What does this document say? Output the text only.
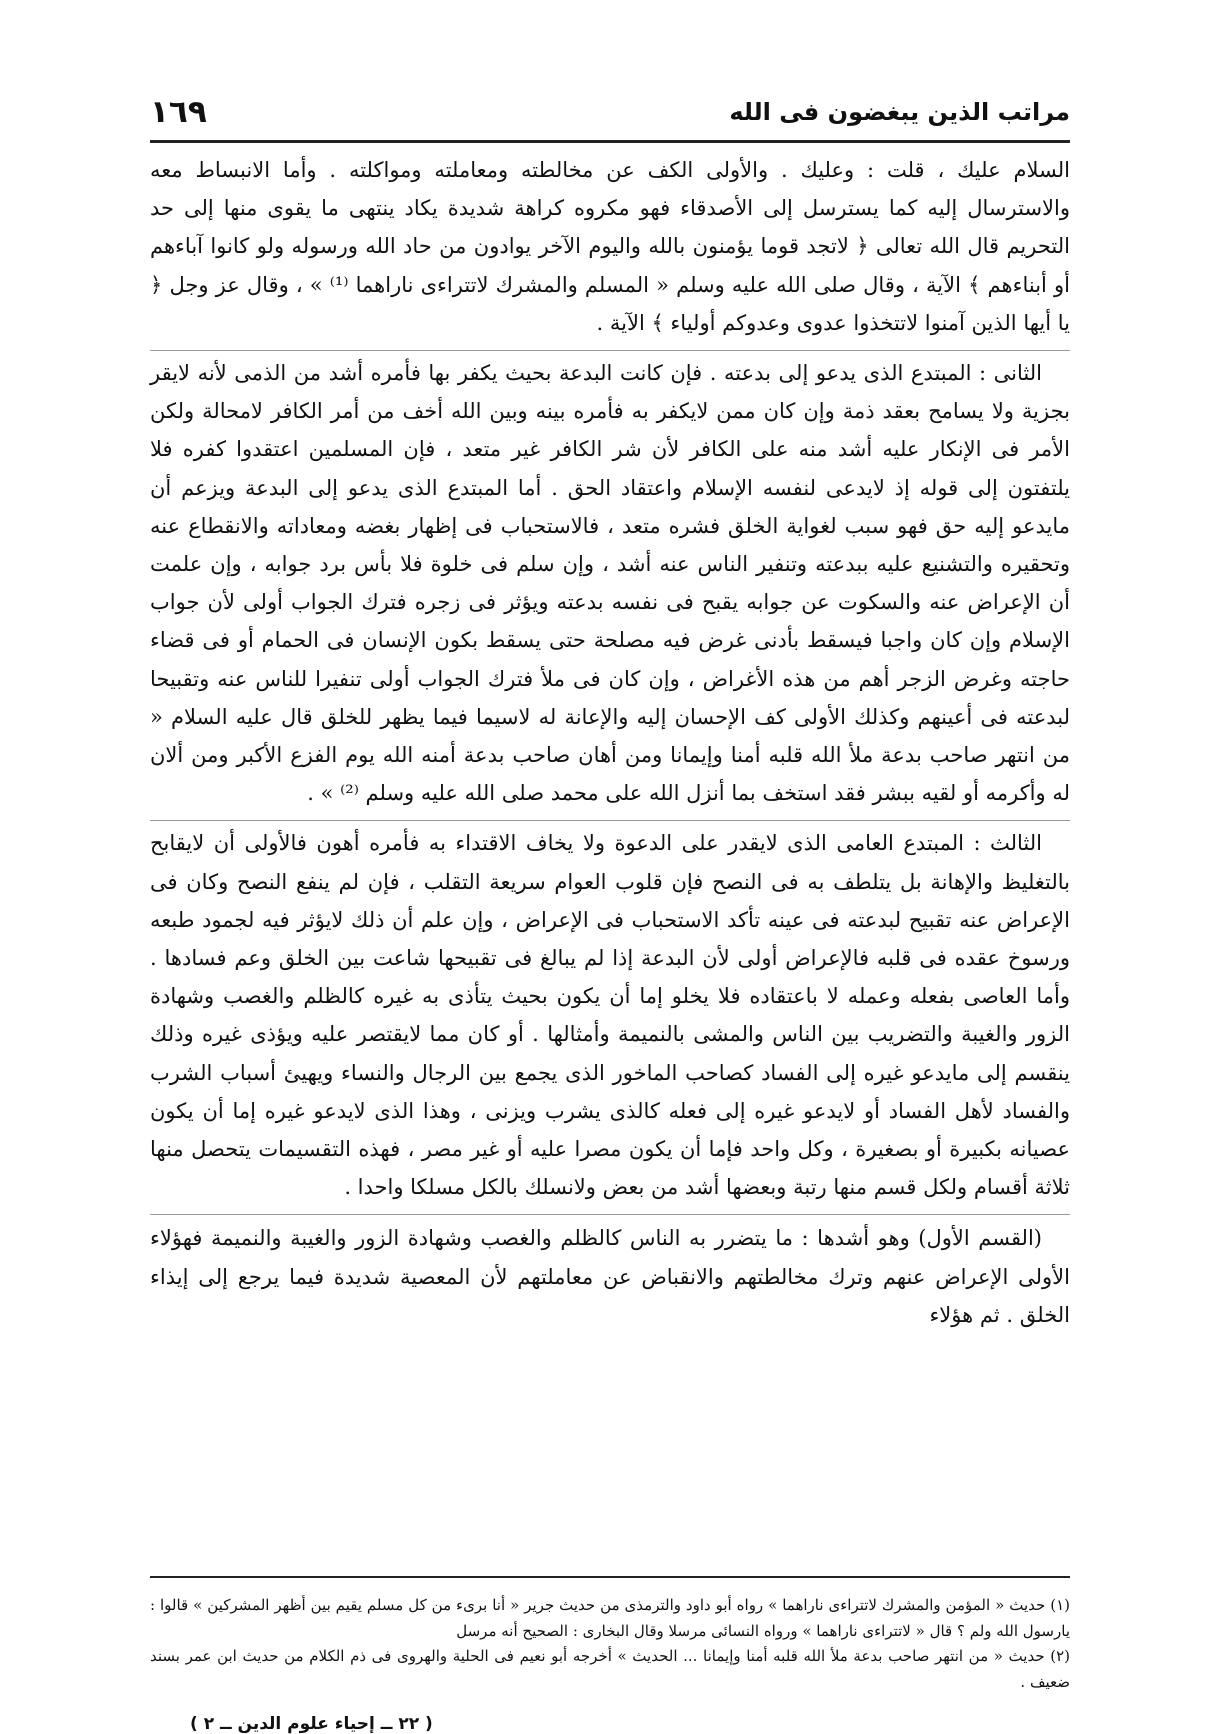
مراتب الذين يبغضون فى الله
١٦٩

السلام عليك ، قلت : وعليك . والأولى الكف عن مخالطته ومعاملته ومواكلته . وأما الانبساط معه والاسترسال إليه كما يسترسل إلى الأصدقاء فهو مكروه كراهة شديدة يكاد ينتهى ما يقوى منها إلى حد التحريم قال الله تعالى ﴿ لاتجد قوما يؤمنون بالله واليوم الآخر يوادون من حاد الله ورسوله ولو كانوا آباءهم أو أبناءهم ﴾ الآية ، وقال صلى الله عليه وسلم « المسلم والمشرك لاتتراءى ناراهما ⁽¹⁾ » ، وقال عز وجل ﴿ يا أيها الذين آمنوا لاتتخذوا عدوى وعدوكم أولياء ﴾ الآية .

الثانى : المبتدع الذى يدعو إلى بدعته . فإن كانت البدعة بحيث يكفر بها فأمره أشد من الذمى لأنه لايقر بجزية ولا يسامح بعقد ذمة وإن كان ممن لايكفر به فأمره بينه وبين الله أخف من أمر الكافر لامحالة ولكن الأمر فى الإنكار عليه أشد منه على الكافر لأن شر الكافر غير متعد ، فإن المسلمين اعتقدوا كفره فلا يلتفتون إلى قوله إذ لايدعى لنفسه الإسلام واعتقاد الحق . أما المبتدع الذى يدعو إلى البدعة ويزعم أن مايدعو إليه حق فهو سبب لغواية الخلق فشره متعد ، فالاستحباب فى إظهار بغضه ومعاداته والانقطاع عنه وتحقيره والتشنيع عليه ببدعته وتنفير الناس عنه أشد ، وإن سلم فى خلوة فلا بأس برد جوابه ، وإن علمت أن الإعراض عنه والسكوت عن جوابه يقبح فى نفسه بدعته ويؤثر فى زجره فترك الجواب أولى لأن جواب الإسلام وإن كان واجبا فيسقط بأدنى غرض فيه مصلحة حتى يسقط بكون الإنسان فى الحمام أو فى قضاء حاجته وغرض الزجر أهم من هذه الأغراض ، وإن كان فى ملأ فترك الجواب أولى تنفيرا للناس عنه وتقبيحا لبدعته فى أعينهم وكذلك الأولى كف الإحسان إليه والإعانة له لاسيما فيما يظهر للخلق قال عليه السلام « من انتهر صاحب بدعة ملأ الله قلبه أمنا وإيمانا ومن أهان صاحب بدعة أمنه الله يوم الفزع الأكبر ومن ألان له وأكرمه أو لقيه ببشر فقد استخف بما أنزل الله على محمد صلى الله عليه وسلم ⁽²⁾ » .

الثالث : المبتدع العامى الذى لايقدر على الدعوة ولا يخاف الاقتداء به فأمره أهون فالأولى أن لايقابح بالتغليظ والإهانة بل يتلطف به فى النصح فإن قلوب العوام سريعة التقلب ، فإن لم ينفع النصح وكان فى الإعراض عنه تقبيح لبدعته فى عينه تأكد الاستحباب فى الإعراض ، وإن علم أن ذلك لايؤثر فيه لجمود طبعه ورسوخ عقده فى قلبه فالإعراض أولى لأن البدعة إذا لم يبالغ فى تقبيحها شاعت بين الخلق وعم فسادها . وأما العاصى بفعله وعمله لا باعتقاده فلا يخلو إما أن يكون بحيث يتأذى به غيره كالظلم والغصب وشهادة الزور والغيبة والتضريب بين الناس والمشى بالنميمة وأمثالها . أو كان مما لايقتصر عليه ويؤذى غيره وذلك ينقسم إلى مايدعو غيره إلى الفساد كصاحب الماخور الذى يجمع بين الرجال والنساء ويهيئ أسباب الشرب والفساد لأهل الفساد أو لايدعو غيره إلى فعله كالذى يشرب ويزنى ، وهذا الذى لايدعو غيره إما أن يكون عصيانه بكبيرة أو بصغيرة ، وكل واحد فإما أن يكون مصرا عليه أو غير مصر ، فهذه التقسيمات يتحصل منها ثلاثة أقسام ولكل قسم منها رتبة وبعضها أشد من بعض ولانسلك بالكل مسلكا واحدا .

(القسم الأول) وهو أشدها : ما يتضرر به الناس كالظلم والغصب وشهادة الزور والغيبة والنميمة فهؤلاء الأولى الإعراض عنهم وترك مخالطتهم والانقباض عن معاملتهم لأن المعصية شديدة فيما يرجع إلى إيذاء الخلق . ثم هؤلاء

(١) حديث « المؤمن والمشرك لاتتراءى ناراهما » رواه أبو داود والترمذى من حديث جرير « أنا برىء من كل مسلم يقيم بين أظهر المشركين » قالوا : يارسول الله ولم ؟ قال « لاتتراءى ناراهما » ورواه النسائى مرسلا وقال البخارى : الصحيح أنه مرسل

(٢) حديث « من انتهر صاحب بدعة ملأ الله قلبه أمنا وإيمانا ... الحديث » أخرجه أبو نعيم فى الحلية والهروى فى ذم الكلام من حديث ابن عمر بسند ضعيف .

( ٢٢ ــ إحياء علوم الدين ــ ٢ )
